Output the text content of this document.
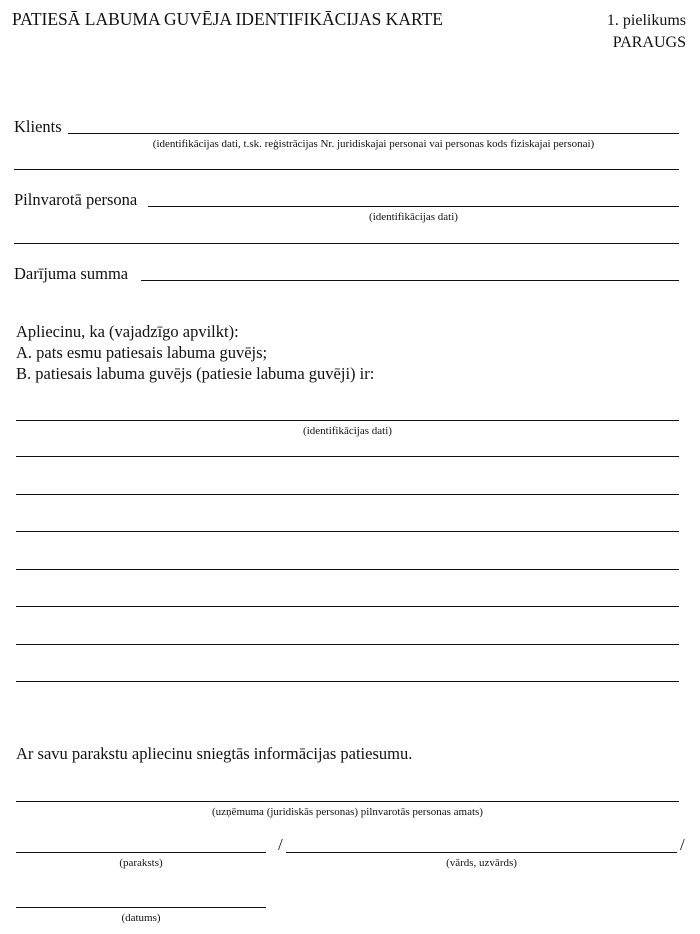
PATIESĀ LABUMA GUVĒJA IDENTIFIKĀCIJAS KARTE	1. pielikums
PARAUGS
Klients
(identifikācijas dati, t.sk. reģistrācijas Nr. juridiskajai personai vai personas kods fiziskajai personai)
Pilnvarotā persona
(identifikācijas dati)
Darījuma summa
Apliecinu, ka (vajadzīgo apvilkt):
A. pats esmu patiesais labuma guvējs;
B. patiesais labuma guvējs (patiesie labuma guvēji) ir:
(identifikācijas dati)
Ar savu parakstu apliecinu sniegtās informācijas patiesumu.
(uzņēmuma (juridiskās personas) pilnvarotās personas amats)
/	/
(paraksts)	(vārds, uzvārds)
(datums)
